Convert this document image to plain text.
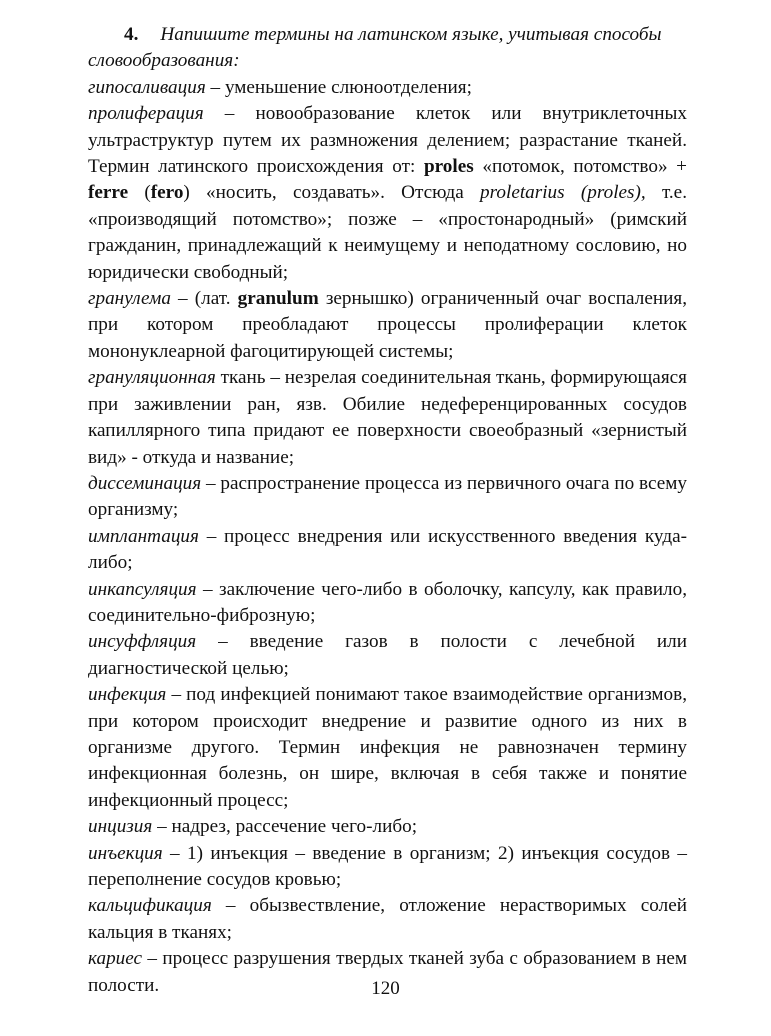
4. Напишите термины на латинском языке, учитывая способы словообразования:

гипосаливация – уменьшение слюноотделения;

пролиферация – новообразование клеток или внутриклеточных ультраструктур путем их размножения делением; разрастание тканей. Термин латинского происхождения от: proles «потомок, потомство» + ferre (fero) «носить, создавать». Отсюда proletarius (proles), т.е. «производящий потомство»; позже – «простонародный» (римский гражданин, принадлежащий к неимущему и неподатному сословию, но юридически свободный;

гранулема – (лат. granulum зернышко) ограниченный очаг воспаления, при котором преобладают процессы пролиферации клеток мононуклеарной фагоцитирующей системы;

грануляционная ткань – незрелая соединительная ткань, формирующаяся при заживлении ран, язв. Обилие недеференцированных сосудов капиллярного типа придают ее поверхности своеобразный «зернистый вид» - откуда и название;

диссеминация – распространение процесса из первичного очага по всему организму;

имплантация – процесс внедрения или искусственного введения куда-либо;

инкапсуляция – заключение чего-либо в оболочку, капсулу, как правило, соединительно-фиброзную;

инсуффляция – введение газов в полости с лечебной или диагностической целью;

инфекция – под инфекцией понимают такое взаимодействие организмов, при котором происходит внедрение и развитие одного из них в организме другого. Термин инфекция не равнозначен термину инфекционная болезнь, он шире, включая в себя также и понятие инфекционный процесс;

инцизия – надрез, рассечение чего-либо;

инъекция – 1) инъекция – введение в организм; 2) инъекция сосудов – переполнение сосудов кровью;

кальцификация – обызвествление, отложение нерастворимых солей кальция в тканях;

кариес – процесс разрушения твердых тканей зуба с образованием в нем полости.	120
